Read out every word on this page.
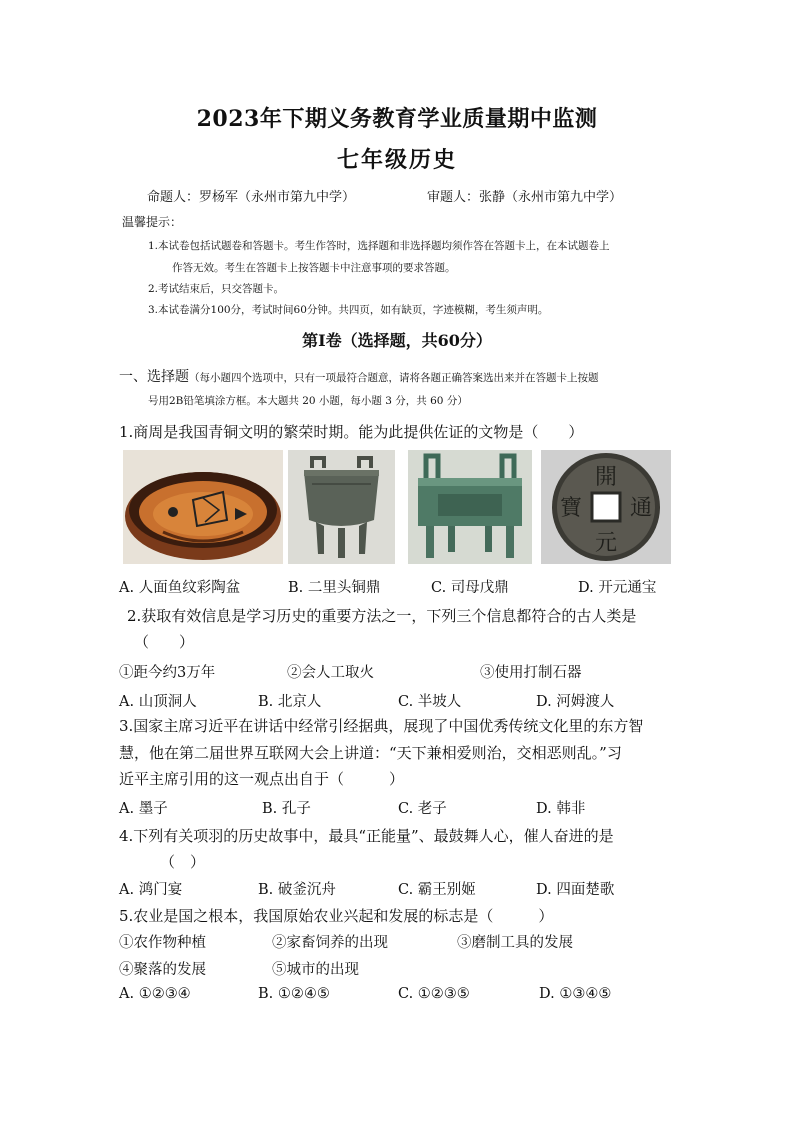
2023年下期义务教育学业质量期中监测
七年级历史
命题人：罗杨军（永州市第九中学）	审题人：张静（永州市第九中学）
温馨提示：
1.本试卷包括试题卷和答题卡。考生作答时，选择题和非选择题均须作答在答题卡上，在本试题卷上
作答无效。考生在答题卡上按答题卡中注意事项的要求答题。
2.考试结束后，只交答题卡。
3.本试卷满分100分，考试时间60分钟。共四页，如有缺页，字迹模糊，考生须声明。
第Ⅰ卷（选择题，共60分）
一、选择题（每小题四个选项中，只有一项最符合题意，请将各题正确答案选出来并在答题卡上按题
号用2B铅笔填涂方框。本大题共 20 小题，每小题 3 分，共 60 分）
1.商周是我国青铜文明的繁荣时期。能为此提供佐证的文物是（　　）
開
元
通
寶
A. 人面鱼纹彩陶盆	B. 二里头铜鼎	C. 司母戊鼎	D. 开元通宝
2.获取有效信息是学习历史的重要方法之一，下列三个信息都符合的古人类是
（　　）
①距今约3万年	②会人工取火	③使用打制石器
A. 山顶洞人	B. 北京人	C. 半坡人	D. 河姆渡人
3.国家主席习近平在讲话中经常引经据典，展现了中国优秀传统文化里的东方智
慧，他在第二届世界互联网大会上讲道：“天下兼相爱则治，交相恶则乱。”习
近平主席引用的这一观点出自于（　　　）
A. 墨子	B. 孔子	C. 老子	D. 韩非
4.下列有关项羽的历史故事中，最具“正能量”、最鼓舞人心，催人奋进的是
（　）
A. 鸿门宴	B. 破釜沉舟	C. 霸王别姬	D. 四面楚歌
5.农业是国之根本，我国原始农业兴起和发展的标志是（　　　）
①农作物种植	②家畜饲养的出现	③磨制工具的发展
④聚落的发展	⑤城市的出现
A. ①②③④	B. ①②④⑤	C. ①②③⑤	D. ①③④⑤
